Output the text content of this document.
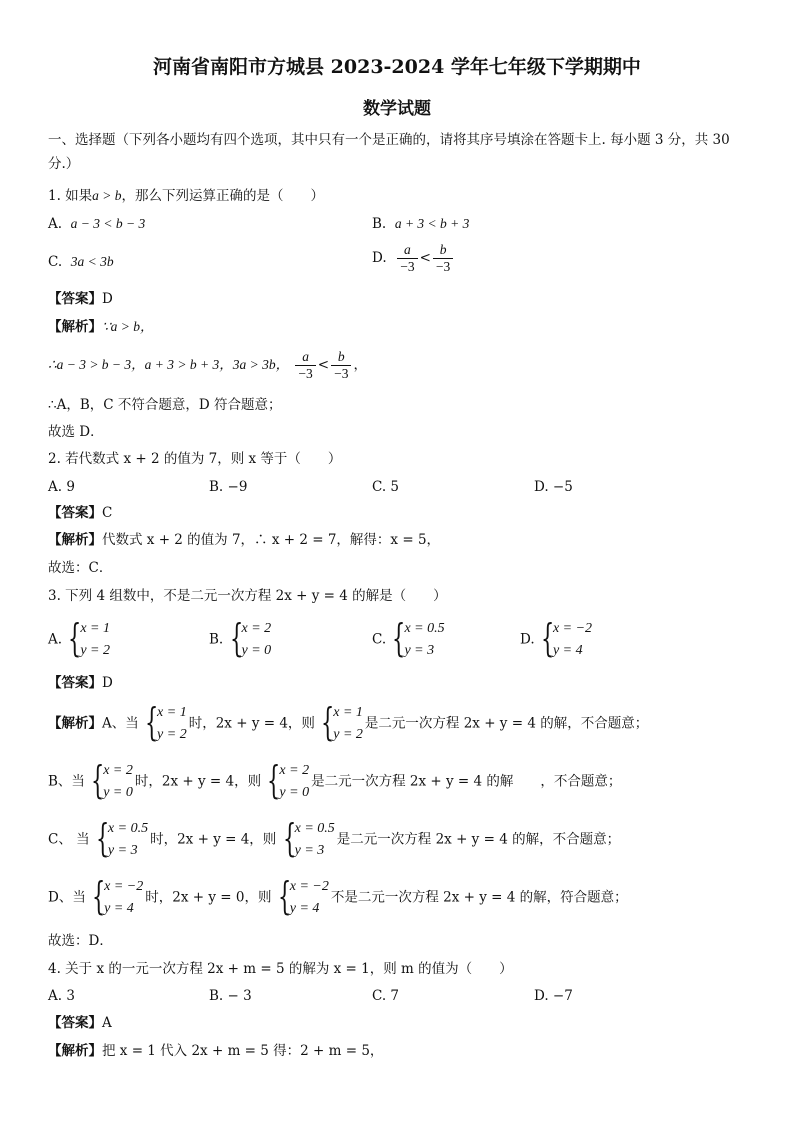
河南省南阳市方城县 2023-2024 学年七年级下学期期中
数学试题
一、选择题（下列各小题均有四个选项，其中只有一个是正确的，请将其序号填涂在答题卡上. 每小题 3 分，共 30 分.）
1. 如果a > b，那么下列运算正确的是（　　）
A. a − 3 < b − 3	B. a + 3 < b + 3
C. 3a < 3b	D. $\frac{a}{-3} < \frac{b}{-3}$
【答案】D
【解析】∵a > b，
∴a − 3 > b − 3，a + 3 > b + 3，3a > 3b， $\frac{a}{-3} < \frac{b}{-3}$ ，
∴A，B，C 不符合题意，D 符合题意；
故选 D．
2. 若代数式 x + 2 的值为 7，则 x 等于（　　）
A. 9	B. −9	C. 5	D. −5
【答案】C
【解析】代数式 x + 2 的值为 7，∴ x + 2 = 7，解得：x = 5，
故选：C．
3. 下列 4 组数中，不是二元一次方程 2x + y = 4 的解是（　　）
A. {
x = 1
y = 2
B. {
x = 2
y = 0
C. {
x = 0.5
y = 3
D. {
x = −2
y = 4
【答案】D
【解析】A、当 {
x = 1
y = 2
时，2x + y = 4，则 {
x = 1
y = 2
是二元一次方程 2x + y = 4 的解，不合题意；
B、当 {
x = 2
y = 0
时，2x + y = 4，则 {
x = 2
y = 0
是二元一次方程 2x + y = 4 的解　　，不合题意；
C、 当 {
x = 0.5
y = 3
时，2x + y = 4，则 {
x = 0.5
y = 3
是二元一次方程 2x + y = 4 的解，不合题意；
D、当 {
x = −2
y = 4
时，2x + y = 0，则 {
x = −2
y = 4
不是二元一次方程 2x + y = 4 的解，符合题意；
故选：D．
4. 关于 x 的一元一次方程 2x + m = 5 的解为 x = 1，则 m 的值为（　　）
A. 3	B. − 3	C. 7	D. −7
【答案】A
【解析】把 x = 1 代入 2x + m = 5 得：2 + m = 5，
